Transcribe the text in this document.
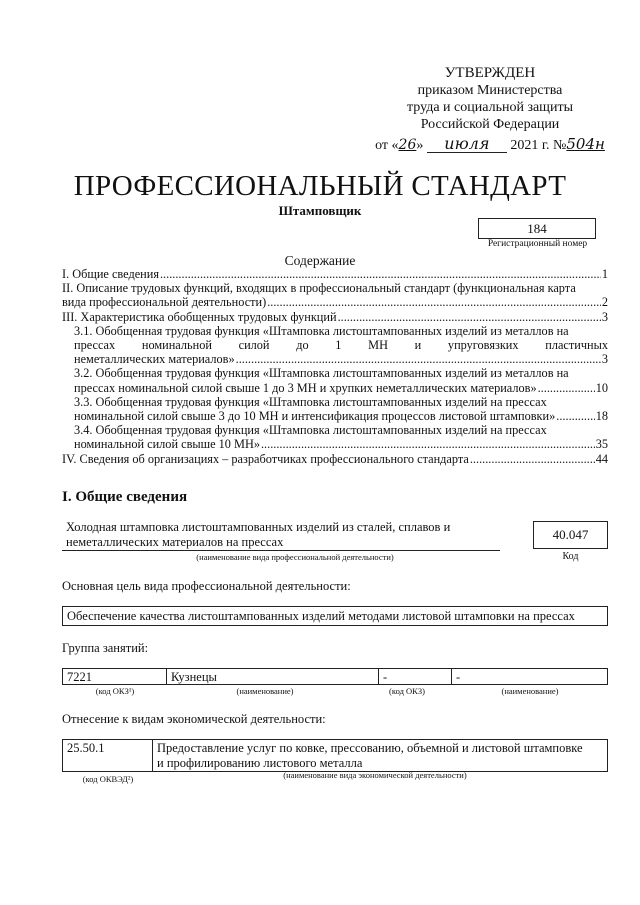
УТВЕРЖДЕН
приказом Министерства
труда и социальной защиты
Российской Федерации
от «26» июля 2021 г. №504н
ПРОФЕССИОНАЛЬНЫЙ СТАНДАРТ
Штамповщик
184
Регистрационный номер
Содержание
I. Общие сведения .....	1
II. Описание трудовых функций, входящих в профессиональный стандарт (функциональная карта
вида профессиональной деятельности) .....	2
III. Характеристика обобщенных трудовых функций .....	3
3.1. Обобщенная трудовая функция «Штамповка листоштампованных изделий из металлов на
прессах номинальной силой до 1 МН и упруговязких пластичных
неметаллических материалов» .....	3
3.2. Обобщенная трудовая функция «Штамповка листоштампованных изделий из металлов на
прессах номинальной силой свыше 1 до 3 МН и хрупких неметаллических материалов» .....	10
3.3. Обобщенная трудовая функция «Штамповка листоштампованных изделий на прессах
номинальной силой свыше 3 до 10 МН и интенсификация процессов листовой штамповки» .....	18
3.4. Обобщенная трудовая функция «Штамповка листоштампованных изделий на прессах
номинальной силой свыше 10 МН» .....	35
IV. Сведения об организациях – разработчиках профессионального стандарта .....	44
I. Общие сведения
Холодная штамповка листоштампованных изделий из сталей, сплавов и
неметаллических материалов на прессах
(наименование вида профессиональной деятельности)
40.047
Код
Основная цель вида профессиональной деятельности:
Обеспечение качества листоштампованных изделий методами листовой штамповки на прессах
Группа занятий:
7221	Кузнецы	-	-
(код ОКЗ¹)	(наименование)	(код ОКЗ)	(наименование)
Отнесение к видам экономической деятельности:
25.50.1	Предоставление услуг по ковке, прессованию, объемной и листовой штамповке
и профилированию листового металла
(код ОКВЭД²)	(наименование вида экономической деятельности)
